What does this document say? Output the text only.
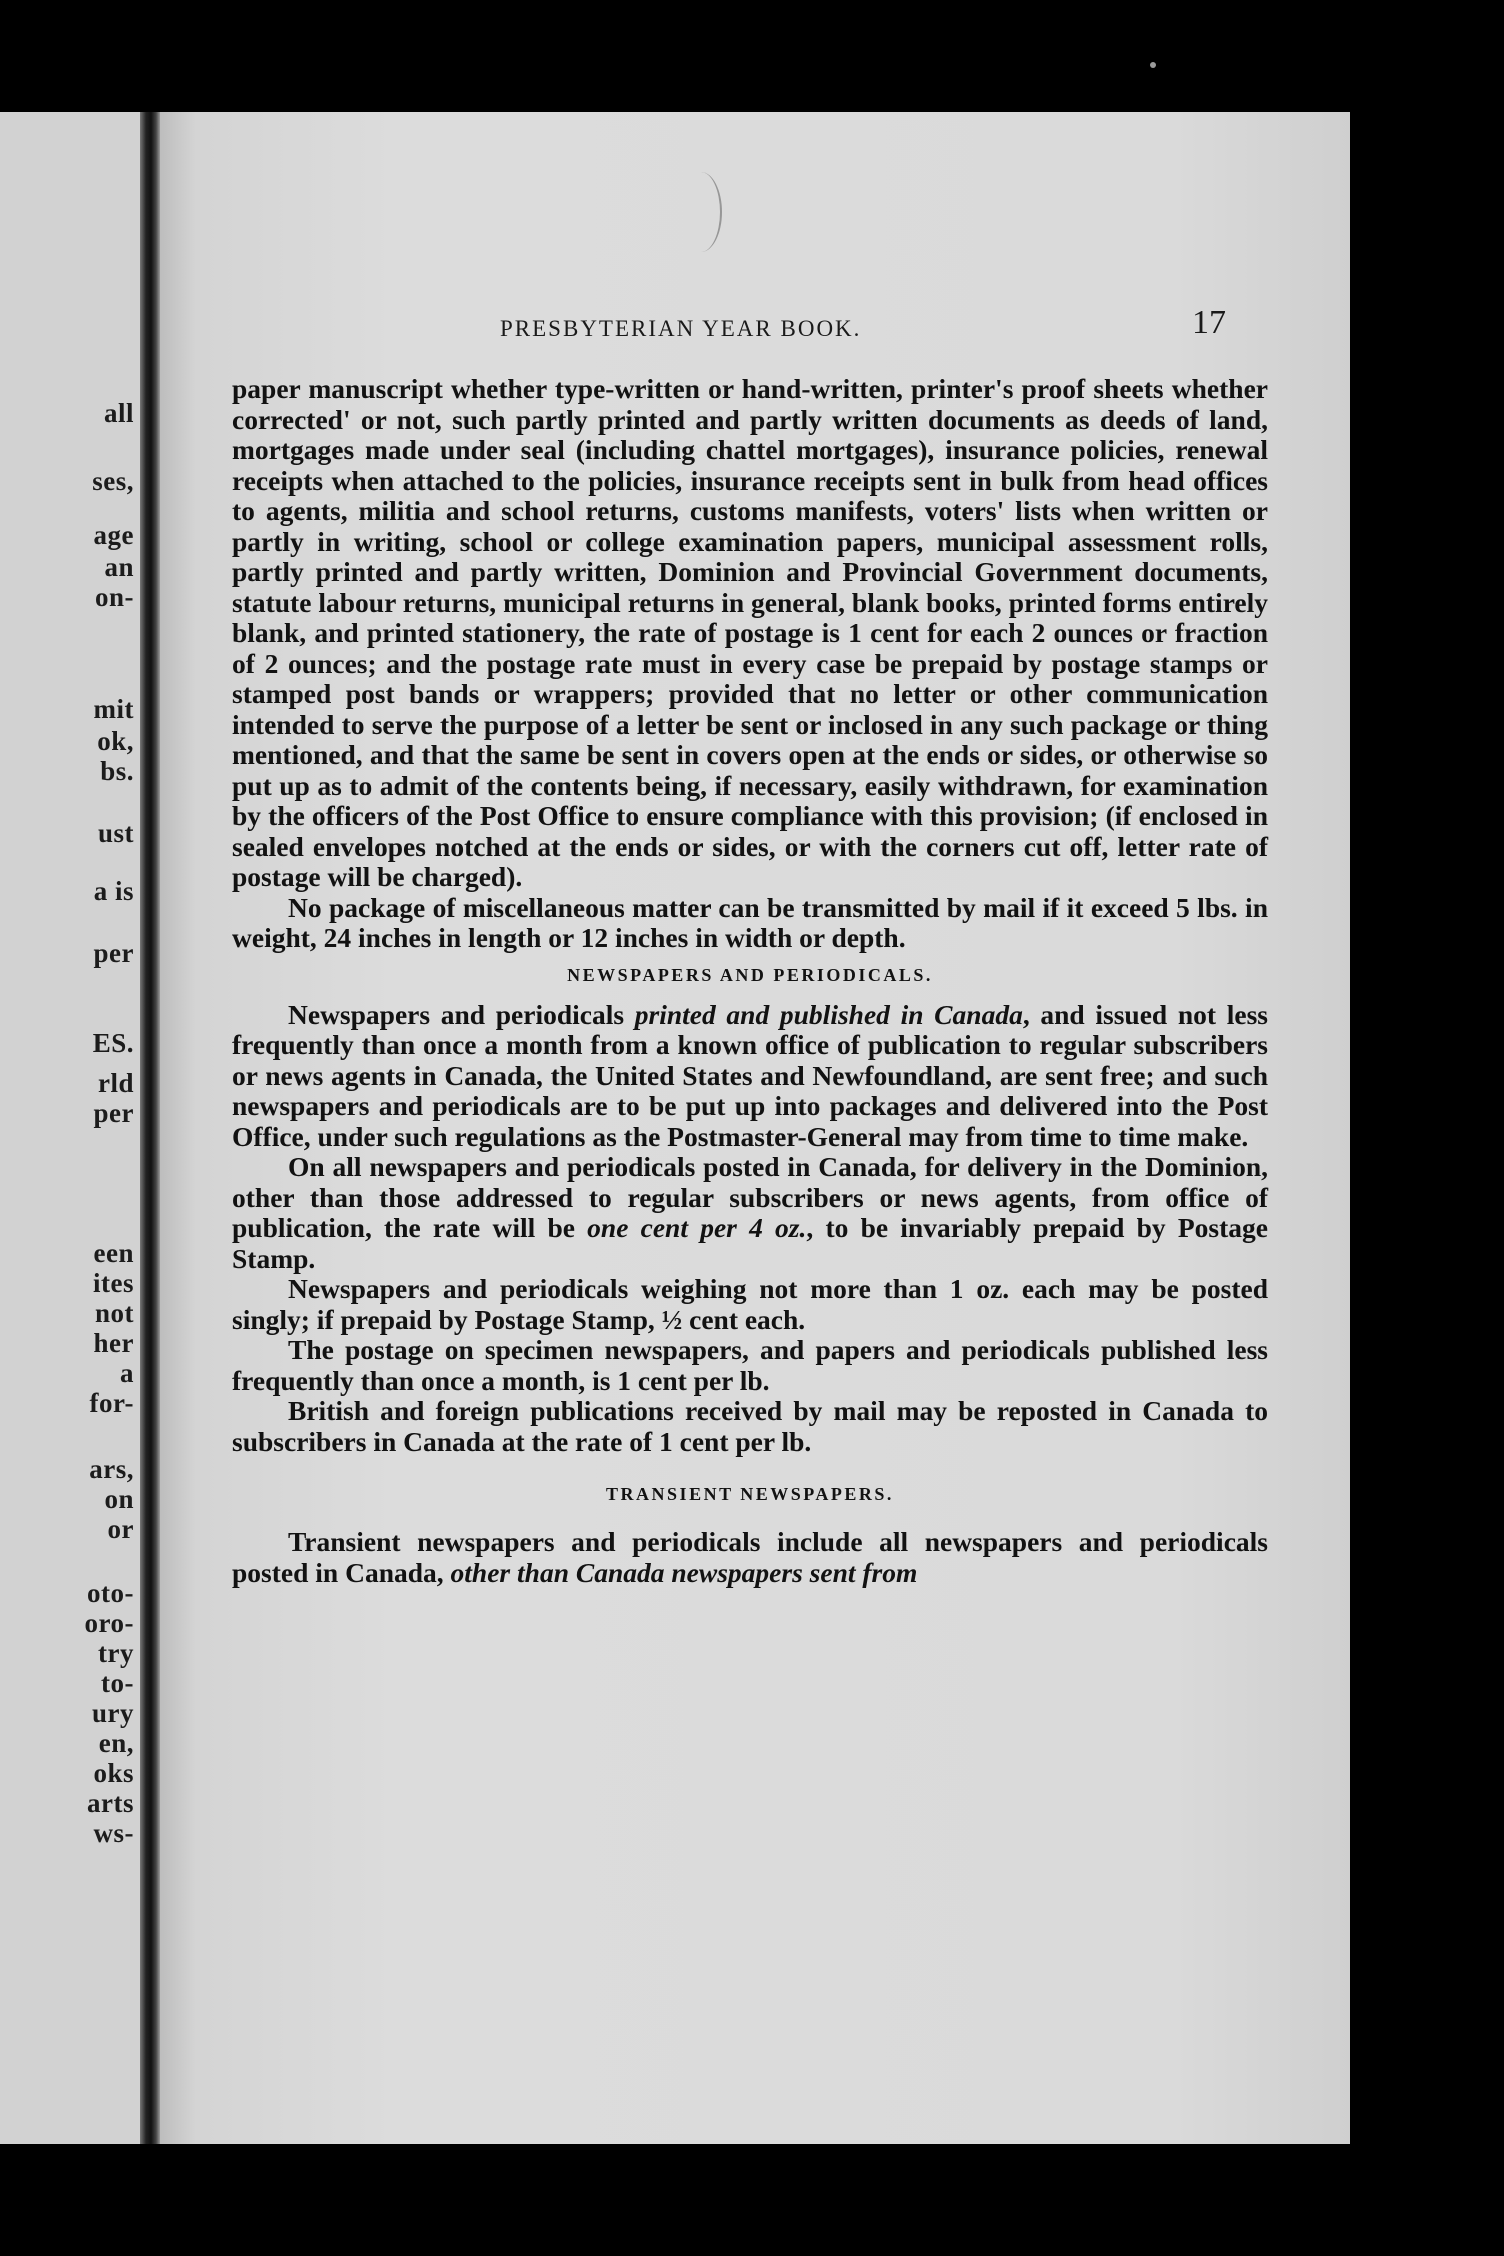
all
ses,
age
an
on-
mit
ok,
bs.
ust
a is
per
ES.
rld
per
een
ites
not
her
a
for-
ars,
on
or
oto-
oro-
try
to-
ury
en,
oks
arts
ws-
PRESBYTERIAN YEAR BOOK.	17

paper manuscript whether type-written or hand-written, printer's proof sheets whether corrected' or not, such partly printed and partly written documents as deeds of land, mortgages made under seal (including chattel mortgages), insurance policies, renewal receipts when attached to the policies, insurance receipts sent in bulk from head offices to agents, militia and school returns, customs manifests, voters' lists when written or partly in writing, school or college examination papers, municipal assessment rolls, partly printed and partly written, Dominion and Provincial Government documents, statute labour returns, municipal returns in general, blank books, printed forms entirely blank, and printed stationery, the rate of postage is 1 cent for each 2 ounces or fraction of 2 ounces; and the postage rate must in every case be prepaid by postage stamps or stamped post bands or wrappers; provided that no letter or other communication intended to serve the purpose of a letter be sent or inclosed in any such package or thing mentioned, and that the same be sent in covers open at the ends or sides, or otherwise so put up as to admit of the contents being, if necessary, easily withdrawn, for examination by the officers of the Post Office to ensure compliance with this provision; (if enclosed in sealed envelopes notched at the ends or sides, or with the corners cut off, letter rate of postage will be charged).

No package of miscellaneous matter can be transmitted by mail if it exceed 5 lbs. in weight, 24 inches in length or 12 inches in width or depth.

NEWSPAPERS AND PERIODICALS.

Newspapers and periodicals printed and published in Canada, and issued not less frequently than once a month from a known office of publication to regular subscribers or news agents in Canada, the United States and Newfoundland, are sent free; and such newspapers and periodicals are to be put up into packages and delivered into the Post Office, under such regulations as the Postmaster-General may from time to time make.

On all newspapers and periodicals posted in Canada, for delivery in the Dominion, other than those addressed to regular subscribers or news agents, from office of publication, the rate will be one cent per 4 oz., to be invariably prepaid by Postage Stamp.

Newspapers and periodicals weighing not more than 1 oz. each may be posted singly; if prepaid by Postage Stamp, ½ cent each.

The postage on specimen newspapers, and papers and periodicals published less frequently than once a month, is 1 cent per lb.

British and foreign publications received by mail may be reposted in Canada to subscribers in Canada at the rate of 1 cent per lb.

TRANSIENT NEWSPAPERS.

Transient newspapers and periodicals include all newspapers and periodicals posted in Canada, other than Canada newspapers sent from
